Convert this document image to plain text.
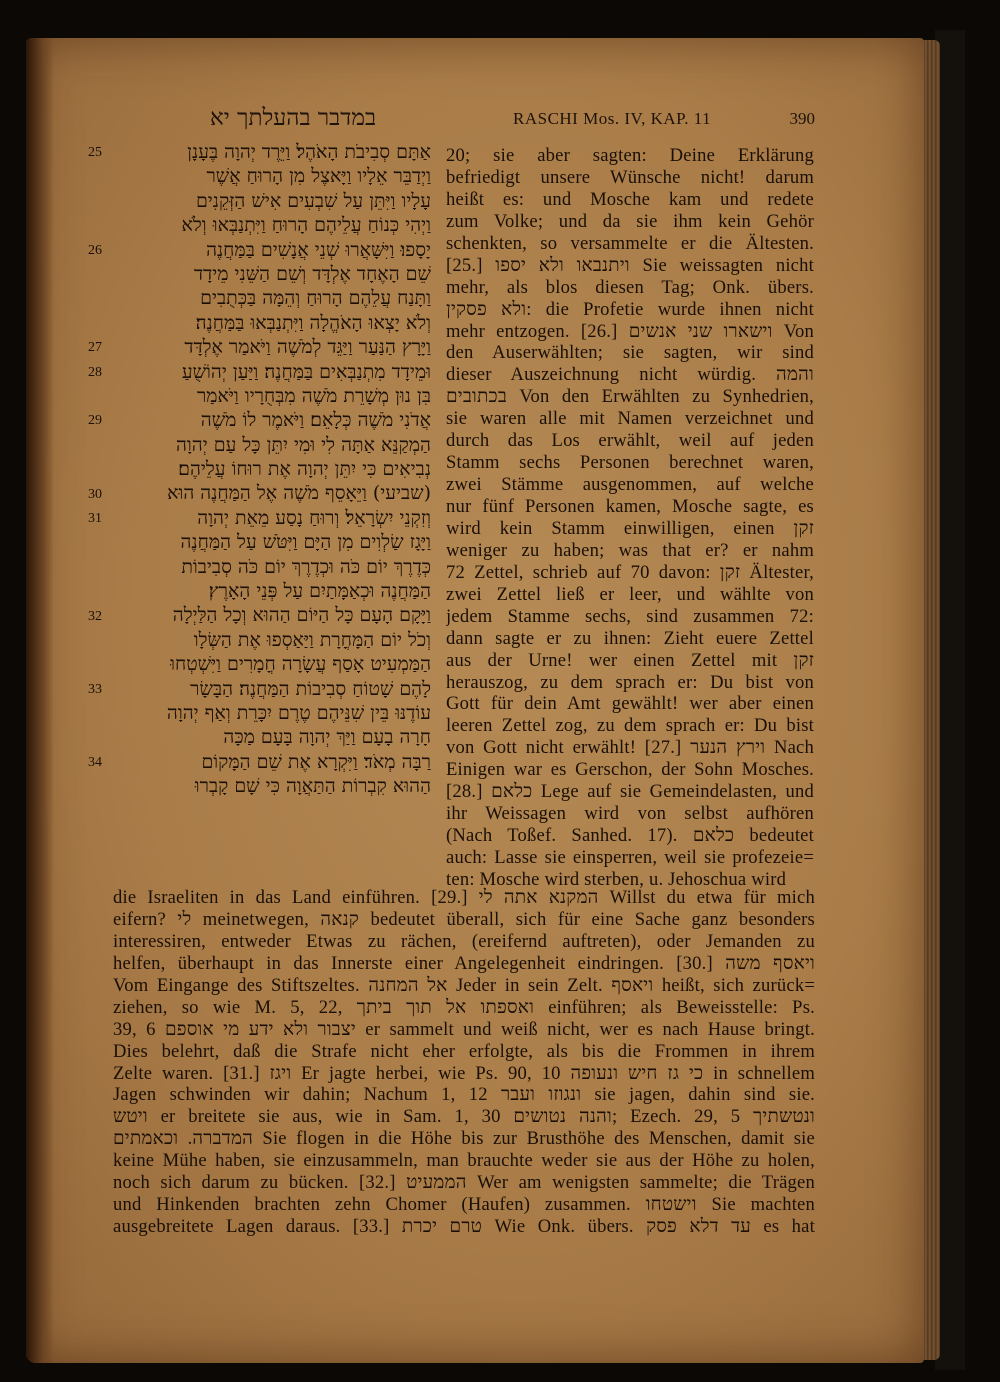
במדבר בהעלתך יא	RASCHI Mos. IV, KAP. 11	390
25
26
27
28
29
30
31
32
33
34
אַתָּם סְבִיבֹת הָאֹהֶל׃ וַיֵּרֶד יְהוָה בֶּעָנָן
וַיְדַבֵּר אֵלָיו וַיָּאצֶל מִן הָרוּחַ אֲשֶׁר
עָלָיו וַיִּתֵּן עַל שִׁבְעִים אִישׁ הַזְּקֵנִים
וַיְהִי כְּנוֹחַ עֲלֵיהֶם הָרוּחַ וַיִּתְנַבְּאוּ וְלֹא
יָסָפוּ׃ וַיִּשָּׁאֲרוּ שְׁנֵי אֲנָשִׁים בַּמַּחֲנֶה
שֵׁם הָאֶחָד אֶלְדָּד וְשֵׁם הַשֵּׁנִי מֵידָד
וַתָּנַח עֲלֵהֶם הָרוּחַ וְהֵמָּה בַּכְּתֻבִים
וְלֹא יָצְאוּ הָאֹהֱלָה וַיִּתְנַבְּאוּ בַּמַּחֲנֶה׃
וַיָּרָץ הַנַּעַר וַיַּגֵּד לְמֹשֶׁה וַיֹּאמַר אֶלְדָּד
וּמֵידָד מִתְנַבְּאִים בַּמַּחֲנֶה׃ וַיַּעַן יְהוֹשֻׁעַ
בִּן נוּן מְשָׁרֵת מֹשֶׁה מִבְּחֻרָיו וַיֹּאמַר
אֲדֹנִי מֹשֶׁה כְּלָאֵם׃ וַיֹּאמֶר לוֹ מֹשֶׁה
הַמְקַנֵּא אַתָּה לִי וּמִי יִתֵּן כָּל עַם יְהוָה
נְבִיאִים כִּי יִתֵּן יְהוָה אֶת רוּחוֹ עֲלֵיהֶם׃
(שביעי) וַיֵּאָסֵף מֹשֶׁה אֶל הַמַּחֲנֶה הוּא
וְזִקְנֵי יִשְׂרָאֵל׃ וְרוּחַ נָסַע מֵאֵת יְהוָה
וַיָּגָז שַׂלְוִים מִן הַיָּם וַיִּטֹּשׁ עַל הַמַּחֲנֶה
כְּדֶרֶךְ יוֹם כֹּה וּכְדֶרֶךְ יוֹם כֹּה סְבִיבוֹת
הַמַּחֲנֶה וּכְאַמָּתַיִם עַל פְּנֵי הָאָרֶץ׃
וַיָּקָם הָעָם כָּל הַיּוֹם הַהוּא וְכָל הַלַּיְלָה
וְכֹל יוֹם הַמָּחֳרָת וַיַּאַסְפוּ אֶת הַשְּׂלָו
הַמַּמְעִיט אָסַף עֲשָׂרָה חֳמָרִים וַיִּשְׁטְחוּ
לָהֶם שָׁטוֹחַ סְבִיבוֹת הַמַּחֲנֶה׃ הַבָּשָׂר
עוֹדֶנּוּ בֵּין שִׁנֵּיהֶם טֶרֶם יִכָּרֵת וְאַף יְהוָה
חָרָה בָעָם וַיַּךְ יְהוָה בָּעָם מַכָּה
רַבָּה מְאֹד׃ וַיִּקְרָא אֶת שֵׁם הַמָּקוֹם
הַהוּא קִבְרוֹת הַתַּאֲוָה כִּי שָׁם קָבְרוּ
20; sie aber sagten: Deine Erklärung
befriedigt unsere Wünsche nicht! darum
heißt es: und Mosche kam und redete
zum Volke; und da sie ihm kein Gehör
schenkten, so versammelte er die Ältesten.
[25.] ויתנבאו ולא יספו Sie weissagten nicht
mehr, als blos diesen Tag; Onk. übers.
ולא פסקין: die Profetie wurde ihnen nicht
mehr entzogen. [26.] וישארו שני אנשים Von
den Auserwählten; sie sagten, wir sind
dieser Auszeichnung nicht würdig. והמה
בכתובים Von den Erwählten zu Synhedrien,
sie waren alle mit Namen verzeichnet und
durch das Los erwählt, weil auf jeden
Stamm sechs Personen berechnet waren,
zwei Stämme ausgenommen, auf welche
nur fünf Personen kamen, Mosche sagte, es
wird kein Stamm einwilligen, einen זקן
weniger zu haben; was that er? er nahm
72 Zettel, schrieb auf 70 davon: זקן Ältester,
zwei Zettel ließ er leer, und wählte von
jedem Stamme sechs, sind zusammen 72:
dann sagte er zu ihnen: Zieht euere Zettel
aus der Urne! wer einen Zettel mit זקן
herauszog, zu dem sprach er: Du bist von
Gott für dein Amt gewählt! wer aber einen
leeren Zettel zog, zu dem sprach er: Du bist
von Gott nicht erwählt! [27.] וירץ הנער Nach
Einigen war es Gerschon, der Sohn Mosches.
[28.] כלאם Lege auf sie Gemeindelasten, und
ihr Weissagen wird von selbst aufhören
(Nach Toßef. Sanhed. 17). כלאם bedeutet
auch: Lasse sie einsperren, weil sie profezeie=
ten: Mosche wird sterben, u. Jehoschua wird
die Israeliten in das Land einführen. [29.] המקנא אתה לי Willst du etwa für mich
eifern? לי meinetwegen, קנאה bedeutet überall, sich für eine Sache ganz besonders
interessiren, entweder Etwas zu rächen, (ereifernd auftreten), oder Jemanden zu
helfen, überhaupt in das Innerste einer Angelegenheit eindringen. [30.] ויאסף משה
Vom Eingange des Stiftszeltes. אל המחנה Jeder in sein Zelt. ויאסף heißt, sich zurück=
ziehen, so wie M. 5, 22, ואספתו אל תוך ביתך einführen; als Beweisstelle: Ps.
39, 6 יצבור ולא ידע מי אוספם er sammelt und weiß nicht, wer es nach Hause bringt.
Dies belehrt, daß die Strafe nicht eher erfolgte, als bis die Frommen in ihrem
Zelte waren. [31.] ויגז Er jagte herbei, wie Ps. 90, 10 כי גז חיש ונעופה in schnellem
Jagen schwinden wir dahin; Nachum 1, 12 ונגוזו ועבר sie jagen, dahin sind sie.
ויטש er breitete sie aus, wie in Sam. 1, 30 והנה נטושים; Ezech. 29, 5 ונטשתיך
המדברה. וכאמתים Sie flogen in die Höhe bis zur Brusthöhe des Menschen, damit sie
keine Mühe haben, sie einzusammeln, man brauchte weder sie aus der Höhe zu holen,
noch sich darum zu bücken. [32.] הממעיט Wer am wenigsten sammelte; die Trägen
und Hinkenden brachten zehn Chomer (Haufen) zusammen. וישטחו Sie machten
ausgebreitete Lagen daraus. [33.] טרם יכרת Wie Onk. übers. עד דלא פסק es hat
